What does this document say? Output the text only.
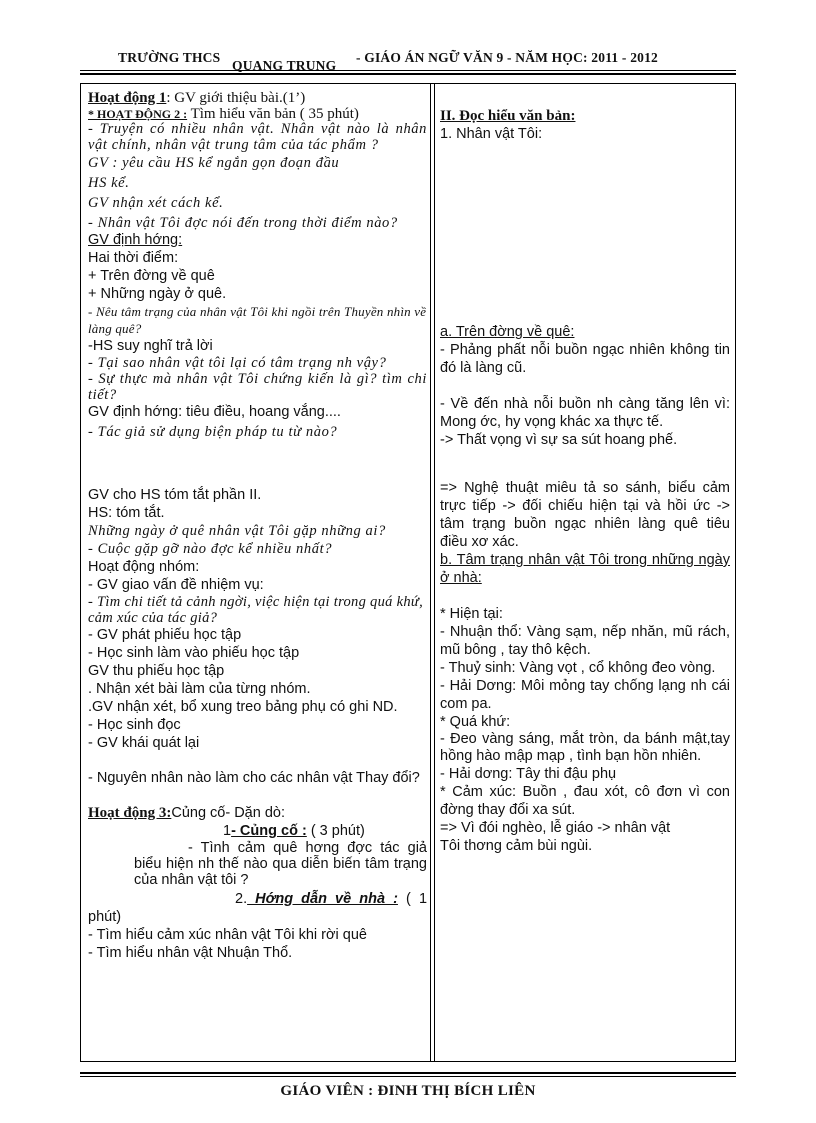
TRƯỜNG THCS
QUANG TRUNG
- GIÁO ÁN NGỮ VĂN 9 - NĂM HỌC: 2011 - 2012
Hoạt động 1: GV giới thiệu bài.(1’)
* HOẠT ĐỘNG 2 : Tìm hiểu văn bản ( 35 phút)
- Truyện có nhiều nhân vật. Nhân vật nào là nhân vật chính, nhân vật trung tâm của tác phẩm ?
GV : yêu cầu HS kể ngắn gọn đoạn đầu
HS kể.
GV nhận xét cách kể.
- Nhân vật Tôi đợc nói đến trong thời điểm nào?
GV định hớng:
Hai thời điểm:
+ Trên đờng về quê
+ Những ngày ở quê.
- Nêu tâm trạng của nhân vật Tôi khi ngồi trên Thuyền nhìn về làng quê?
-HS suy nghĩ trả lời
- Tại sao nhân vật tôi lại có tâm trạng nh vậy?
- Sự thực mà nhân vật Tôi chứng kiến là gì? tìm chi tiết?
GV định hớng: tiêu điều, hoang vắng....
- Tác giả sử dụng biện pháp tu từ nào?
GV cho HS tóm tắt phần II.
HS: tóm tắt.
Những ngày ở quê nhân vật Tôi gặp những ai?
- Cuộc gặp gỡ nào đợc kể nhiều nhất?
Hoạt động nhóm:
- GV giao vấn đề nhiệm vụ:
- Tìm chi tiết tả cảnh ngời, việc hiện tại trong quá khứ, cảm xúc của tác giả?
- GV phát phiếu học tập
- Học sinh làm vào phiếu học tập
GV thu phiếu học tập
. Nhận xét bài làm của từng nhóm.
.GV nhận xét, bổ xung treo bảng phụ có ghi ND.
- Học sinh đọc
- GV khái quát lại
- Nguyên nhân nào làm cho các nhân vật Thay đổi?
Hoạt động 3:Củng cố- Dặn dò:
1- Củng cố : ( 3 phút)
- Tình cảm quê hơng đợc tác giả biểu hiện nh thế nào qua diễn biến tâm trạng của nhân vật tôi ?
2. Hớng dẫn về nhà : ( 1 phút)
- Tìm hiểu cảm xúc nhân vật Tôi khi rời quê
- Tìm hiểu nhân vật Nhuận Thổ.
II. Đọc hiểu văn bản:
1. Nhân vật Tôi:
a. Trên đờng về quê:
- Phảng phất nỗi buồn ngạc nhiên không tin đó là làng cũ.
- Về đến nhà nỗi buồn nh càng tăng lên vì: Mong ớc, hy vọng khác xa thực tế.
-> Thất vọng vì sự sa sút hoang phế.
=> Nghệ thuật miêu tả so sánh, biểu cảm trực tiếp -> đối chiếu hiện tại và hồi ức -> tâm trạng buồn ngạc nhiên làng quê tiêu điều xơ xác.
b. Tâm trạng nhân vật Tôi trong những ngày ở nhà:
* Hiện tại:
- Nhuận thổ: Vàng sạm, nếp nhăn, mũ rách, mũ bông , tay thô kệch.
- Thuỷ sinh: Vàng vọt , cổ không đeo vòng.
- Hải Dơng: Môi mỏng tay chống lạng nh cái com pa.
* Quá khứ:
- Đeo vàng sáng, mắt tròn, da bánh mật,tay hồng hào mập mạp , tình bạn hồn nhiên.
- Hải dơng: Tây thi đậu phụ
* Cảm xúc: Buồn , đau xót, cô đơn vì con đờng thay đổi xa sút.
=> Vì đói nghèo, lễ giáo -> nhân vật
Tôi thơng cảm bùi ngùi.
GIÁO VIÊN : ĐINH THỊ BÍCH LIÊN
